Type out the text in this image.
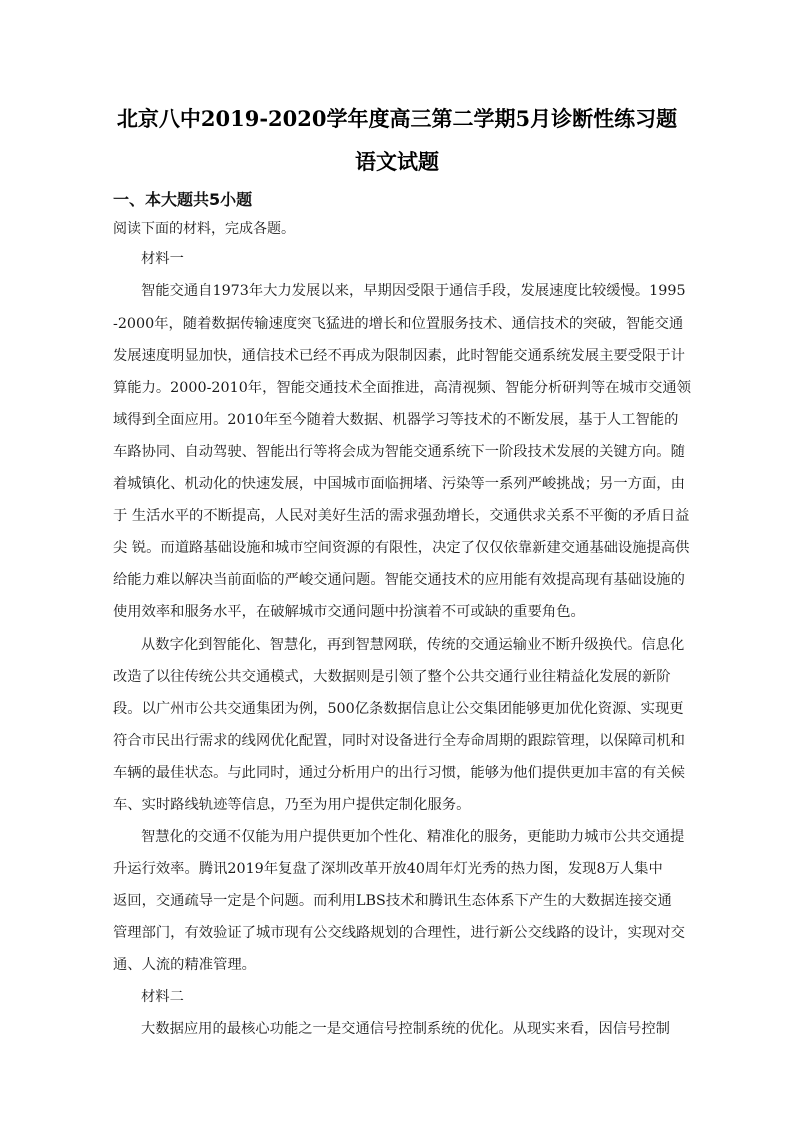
北京八中2019-2020学年度高三第二学期5月诊断性练习题
语文试题
一、本大题共5小题
阅读下面的材料，完成各题。
材料一
智能交通自1973年大力发展以来，早期因受限于通信手段，发展速度比较缓慢。1995
-2000年，随着数据传输速度突飞猛进的增长和位置服务技术、通信技术的突破，智能交通
发展速度明显加快，通信技术已经不再成为限制因素，此时智能交通系统发展主要受限于计
算能力。2000-2010年，智能交通技术全面推进，高清视频、智能分析研判等在城市交通领
域得到全面应用。2010年至今随着大数据、机器学习等技术的不断发展，基于人工智能的
车路协同、自动驾驶、智能出行等将会成为智能交通系统下一阶段技术发展的关键方向。随
着城镇化、机动化的快速发展，中国城市面临拥堵、污染等一系列严峻挑战；另一方面，由
于 生活水平的不断提高，人民对美好生活的需求强劲增长，交通供求关系不平衡的矛盾日益
尖 锐。而道路基础设施和城市空间资源的有限性，决定了仅仅依靠新建交通基础设施提高供
给能力难以解决当前面临的严峻交通问题。智能交通技术的应用能有效提高现有基础设施的
使用效率和服务水平，在破解城市交通问题中扮演着不可或缺的重要角色。
从数字化到智能化、智慧化，再到智慧网联，传统的交通运输业不断升级换代。信息化
改造了以往传统公共交通模式，大数据则是引领了整个公共交通行业往精益化发展的新阶
段。以广州市公共交通集团为例，500亿条数据信息让公交集团能够更加优化资源、实现更
符合市民出行需求的线网优化配置，同时对设备进行全寿命周期的跟踪管理，以保障司机和
车辆的最佳状态。与此同时，通过分析用户的出行习惯，能够为他们提供更加丰富的有关候
车、实时路线轨迹等信息，乃至为用户提供定制化服务。
智慧化的交通不仅能为用户提供更加个性化、精准化的服务，更能助力城市公共交通提
升运行效率。腾讯2019年复盘了深圳改革开放40周年灯光秀的热力图，发现8万人集中
返回，交通疏导一定是个问题。而利用LBS技术和腾讯生态体系下产生的大数据连接交通
管理部门，有效验证了城市现有公交线路规划的合理性，进行新公交线路的设计，实现对交
通、人流的精准管理。
材料二
大数据应用的最核心功能之一是交通信号控制系统的优化。从现实来看，因信号控制
